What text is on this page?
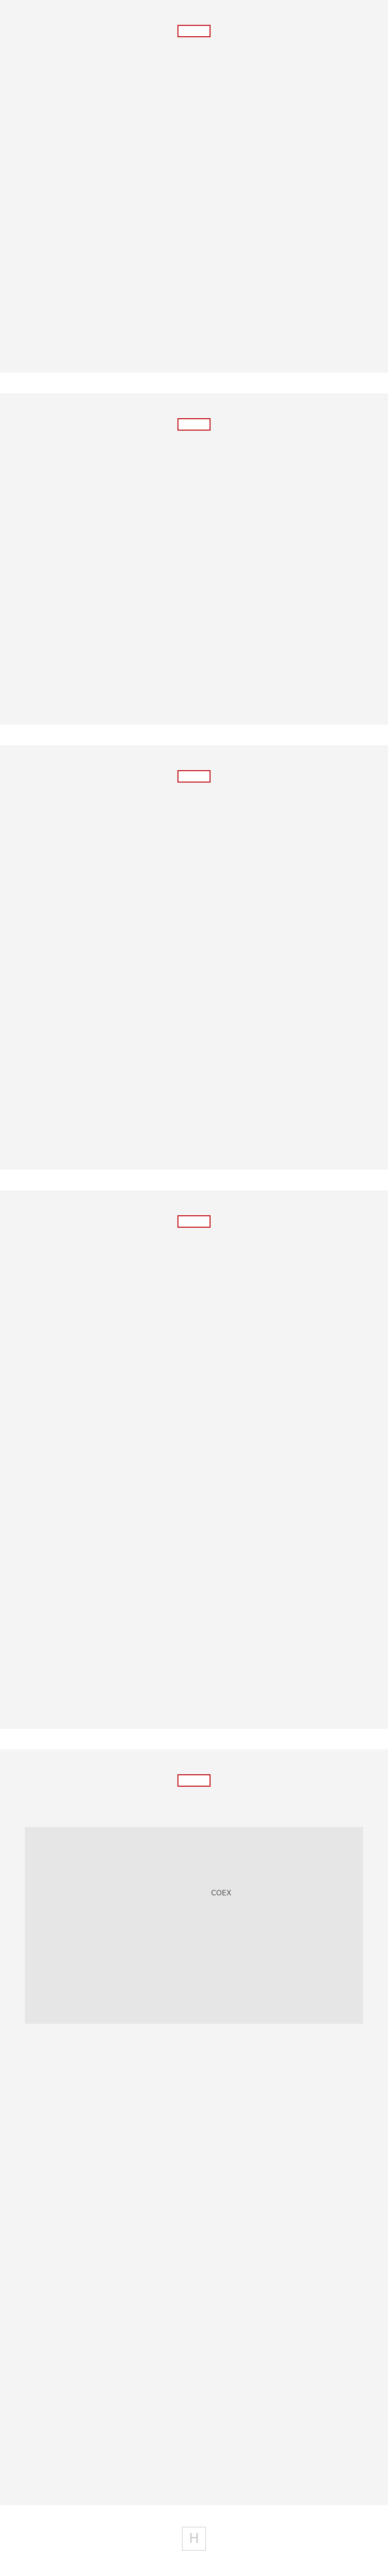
COEX
H
